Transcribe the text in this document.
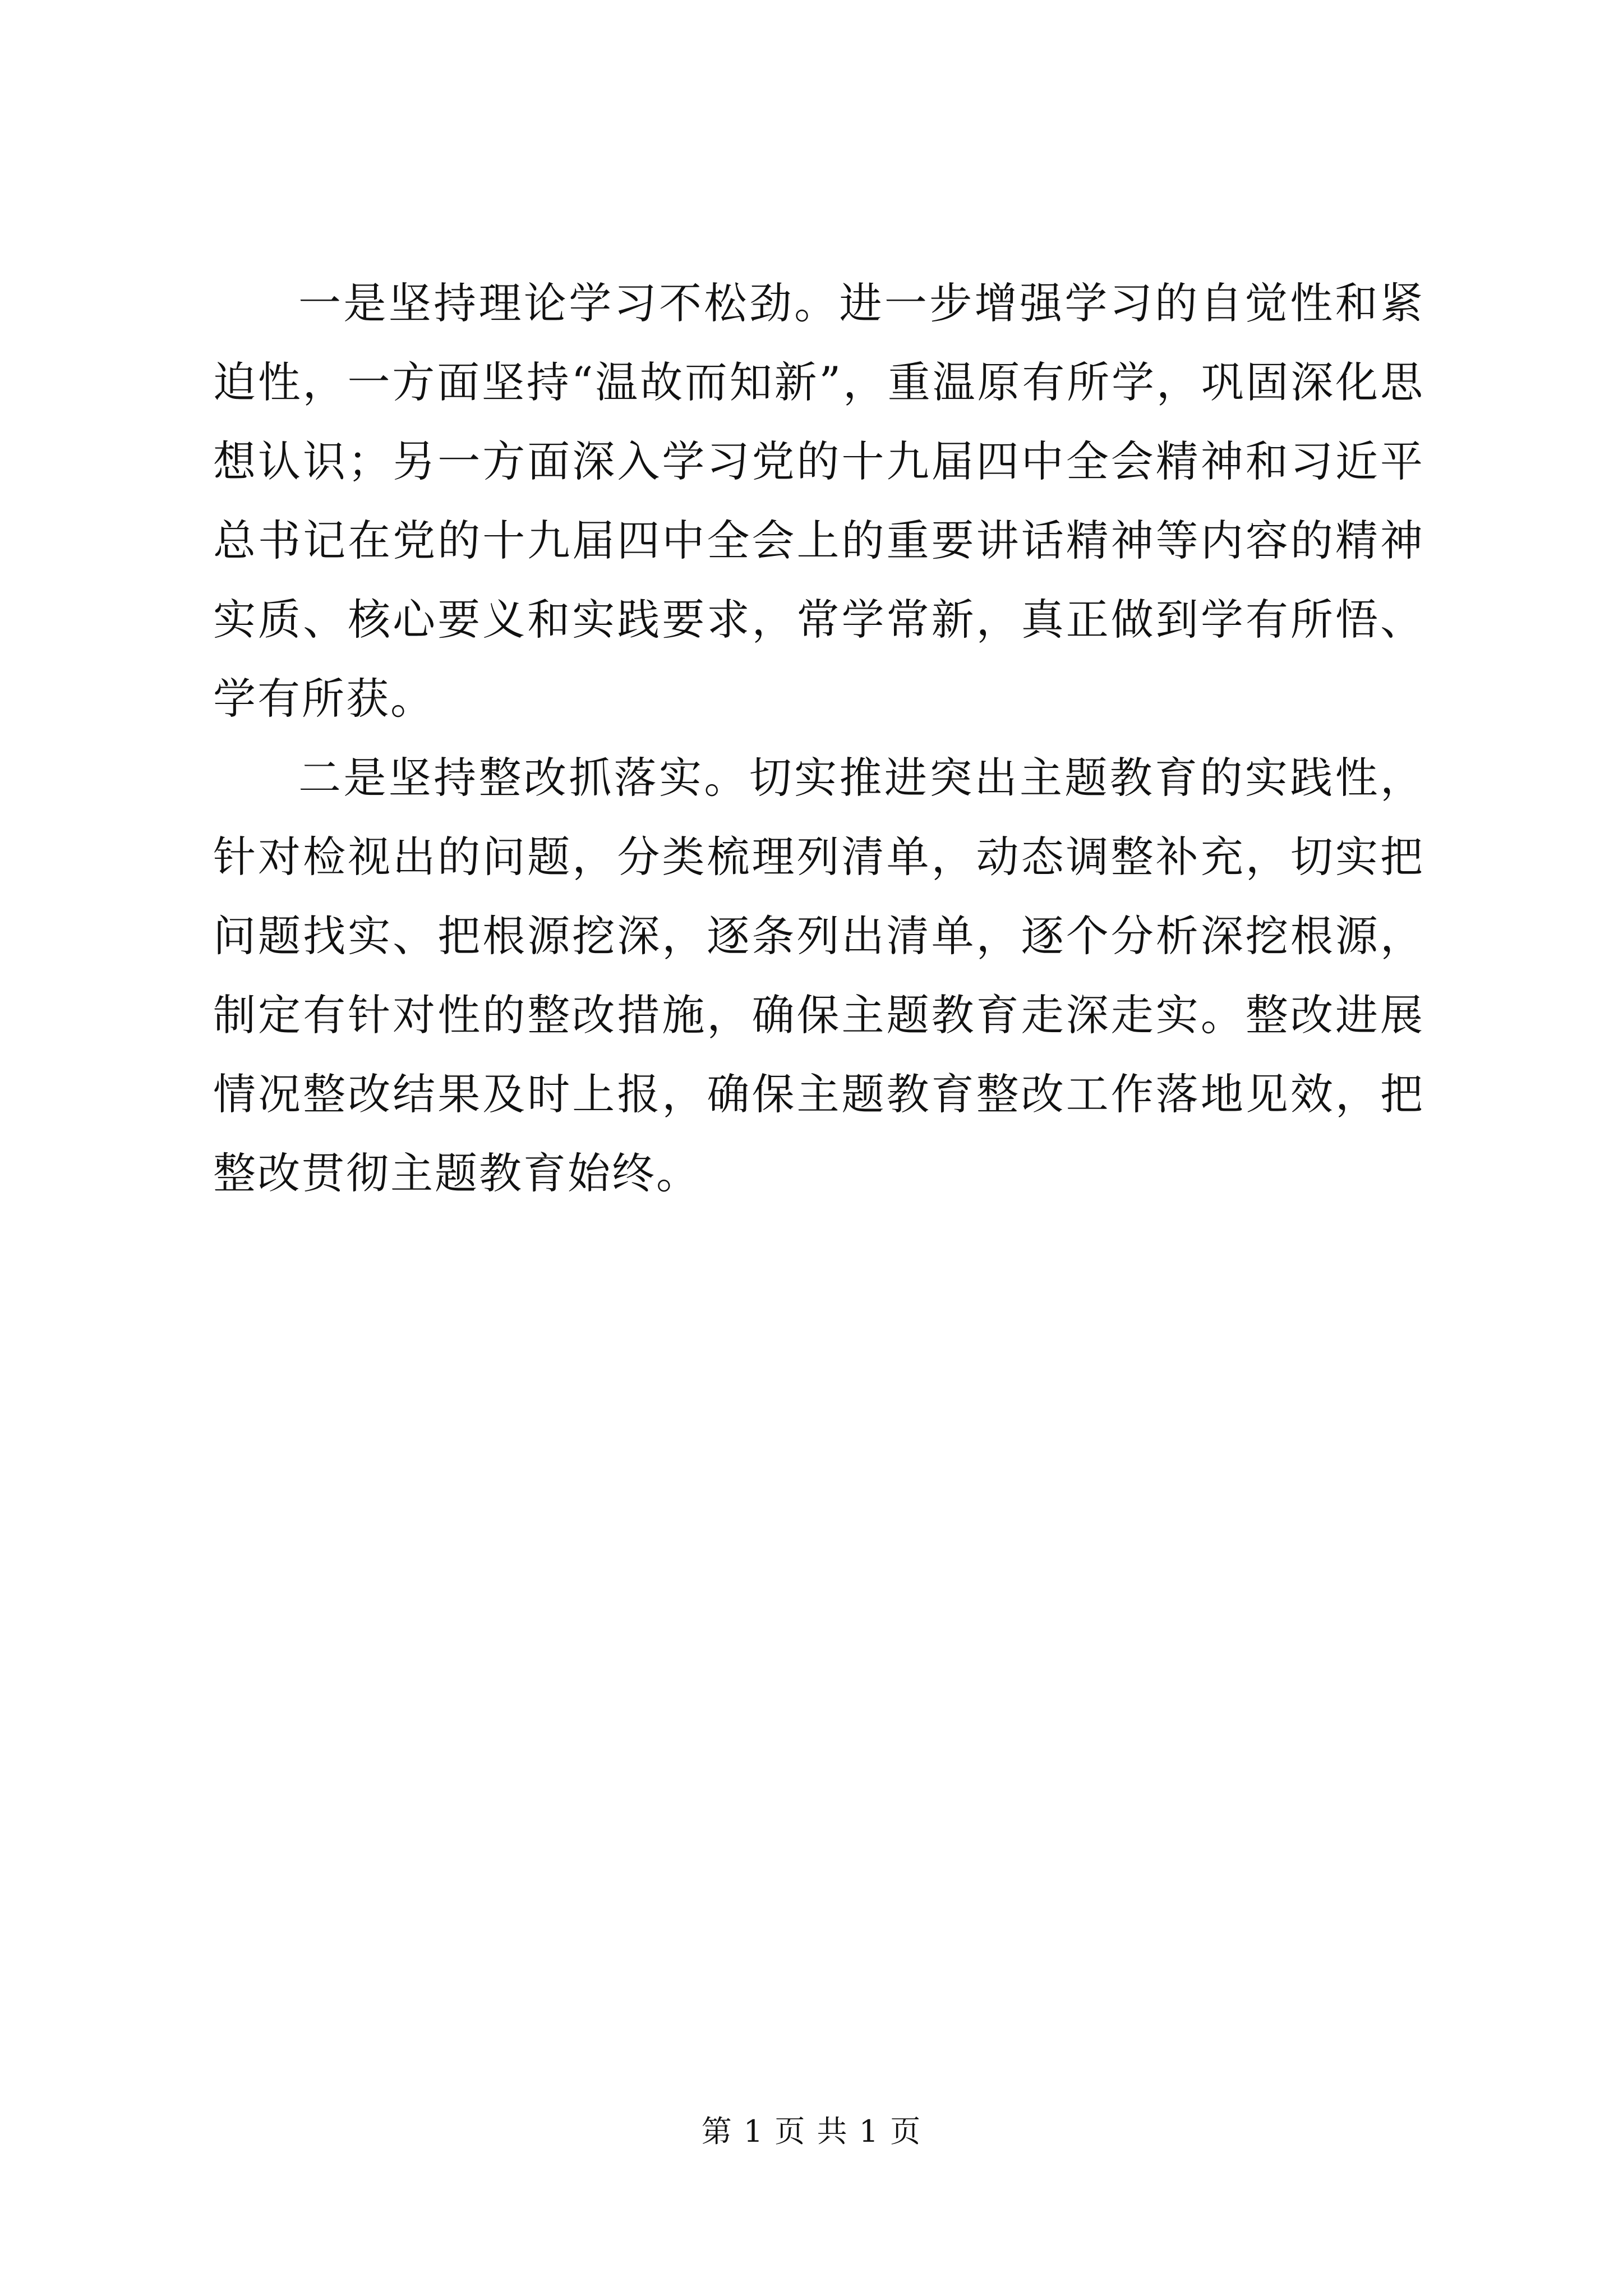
一是坚持理论学习不松劲。进一步增强学习的自觉性和紧迫性，一方面坚持“温故而知新”，重温原有所学，巩固深化思想认识；另一方面深入学习党的十九届四中全会精神和习近平总书记在党的十九届四中全会上的重要讲话精神等内容的精神实质、核心要义和实践要求，常学常新，真正做到学有所悟、学有所获。

二是坚持整改抓落实。切实推进突出主题教育的实践性，针对检视出的问题，分类梳理列清单，动态调整补充，切实把问题找实、把根源挖深，逐条列出清单，逐个分析深挖根源，制定有针对性的整改措施，确保主题教育走深走实。整改进展情况整改结果及时上报，确保主题教育整改工作落地见效，把整改贯彻主题教育始终。

第 1 页 共 1 页
